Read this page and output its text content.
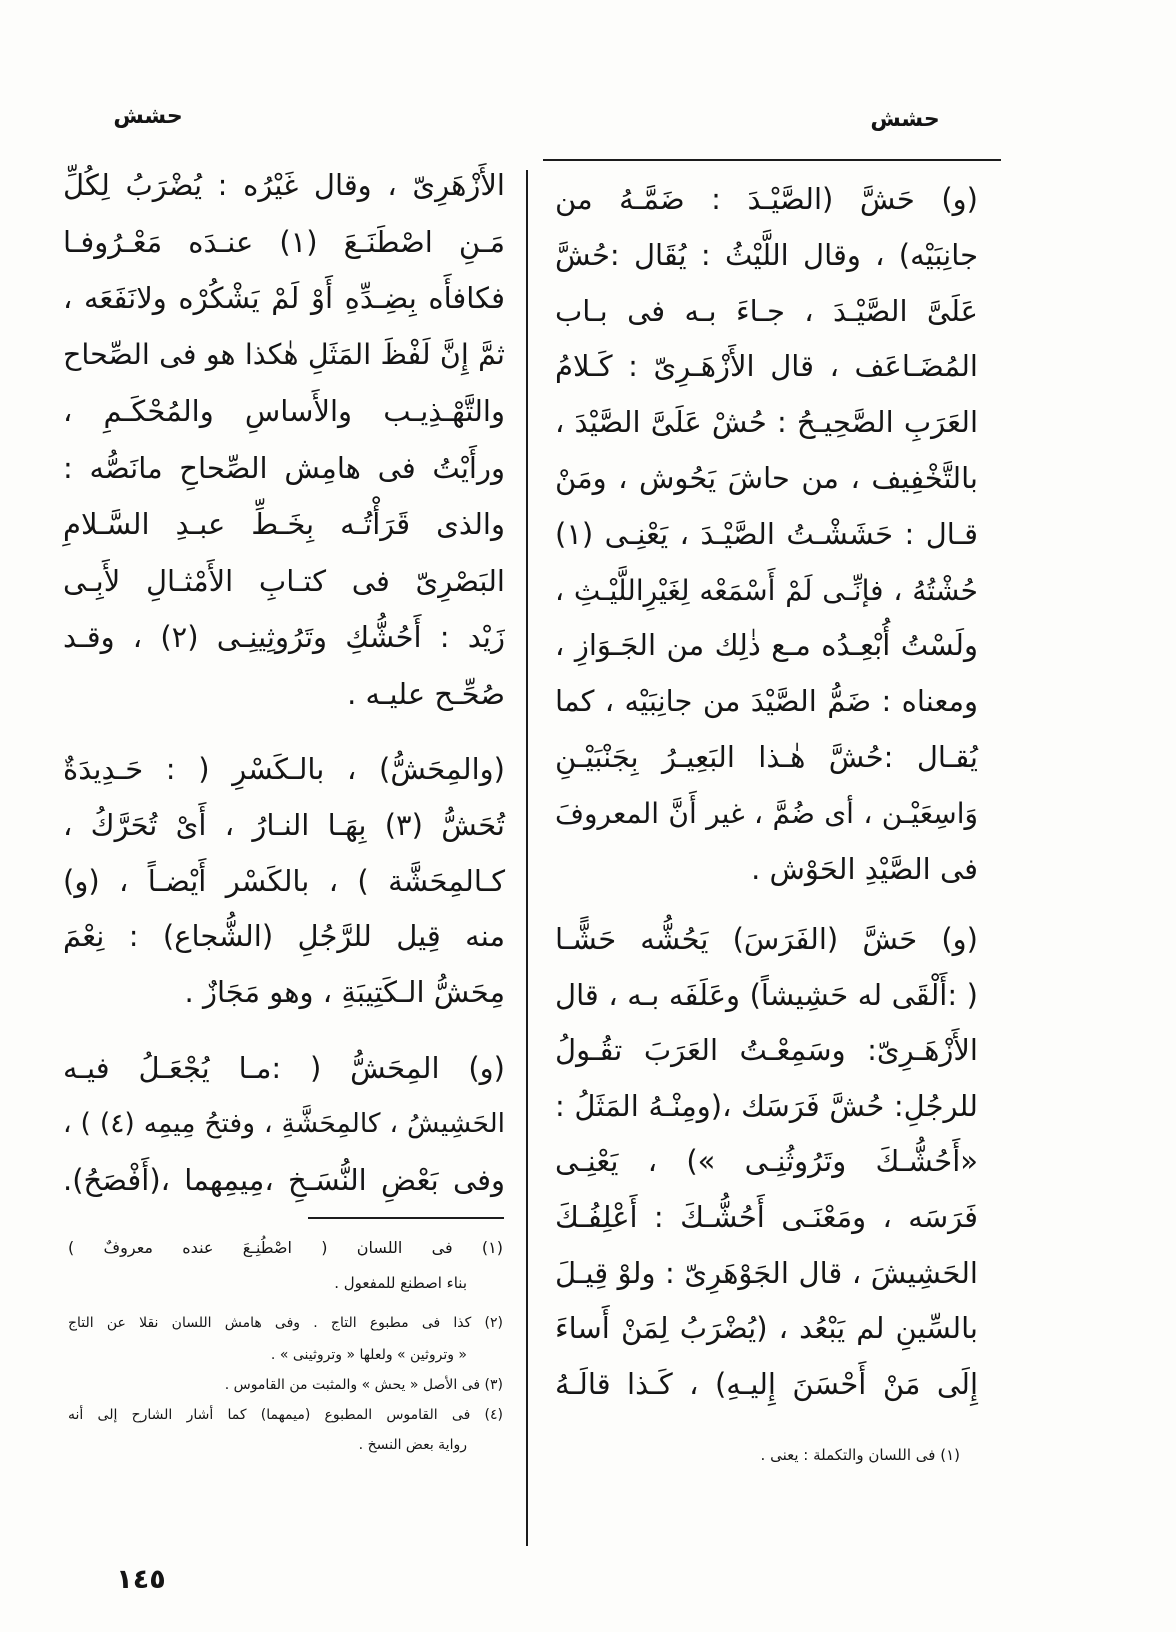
حشش
حشش
(و) حَشَّ (الصَّيْـدَ : ضَمَّـهُ من
جانِبَيْه) ، وقال اللَّيْثُ : يُقَال :حُشَّ
عَلَىَّ الصَّيْـدَ ، جـاءَ بـه فى بـاب
المُضَـاعَف ، قال الأَزْهَـرِىّ : كَـلامُ
العَرَبِ الصَّحِيـحُ : حُشْ عَلَىَّ الصَّيْدَ ،
بالتَّخْفِيف ، من حاشَ يَحُوش ، ومَنْ
قـال : حَشَشْـتُ الصَّيْـدَ ، يَعْنِـى (١)
حُشْتُهُ ، فإنِّـى لَمْ أَسْمَعْه لِغَيْرِاللَّيْـثِ ،
ولَسْتُ أُبْعِـدُه مـع ذٰلِك من الجَـوَازِ ،
ومعناه : ضَمُّ الصَّيْدَ من جانِبَيْه ، كما
يُقـال :حُشَّ هٰـذا البَعِيـرُ بِجَنْبَيْـنِ
وَاسِعَيْـن ، أى ضُمَّ ، غير أَنَّ المعروفَ
فى الصَّيْدِ الحَوْش .
(و) حَشَّ (الفَرَسَ) يَحُشُّه حَشًّـا
( :أَلْقَى له حَشِيشاً) وعَلَفَه بـه ، قال
الأَزْهَـرِىّ: وسَمِعْـتُ العَرَبَ تقُـولُ
للرجُلِ: حُشَّ فَرَسَك ،(ومِنْـهُ المَثَلُ :
«أَحُشُّـكَ وتَرُوثُنِـى ») ، يَعْنِـى
فَرَسَه ، ومَعْنَـى أَحُشُّـكَ : أَعْلِفُـكَ
الحَشِيشَ ، قال الجَوْهَرِىّ : ولوْ قِيـلَ
بالسِّينِ لم يَبْعُد ، (يُضْرَبُ لِمَنْ أَساءَ
إِلَى مَنْ أَحْسَنَ إِليـهِ) ، كَـذا قالَـهُ
(١) فى اللسان والتكملة : يعنى .
الأَزْهَرِىّ ، وقال غَيْرُه : يُضْرَبُ لِكُلِّ
مَـنِ اصْطَنَـعَ (١) عنـدَه مَعْـرُوفـا
فكافأَه بِضِـدِّهِ أَوْ لَمْ يَشْكُرْه ولانَفَعَه ،
ثمَّ إِنَّ لَفْظَ المَثَلِ هٰكذا هو فى الصِّحاح
والتَّهْـذِيـب والأَساسِ والمُحْكَـمِ ،
ورأَيْتُ فى هامِش الصِّحاحِ مانَصُّه :
والذى قَرَأْتُـه بِخَـطِّ عبـدِ السَّـلامِ
البَصْرِىّ فى كتـابِ الأَمْثـالِ لأَبِـى
زَيْد : أَحُشُّكِ وتَرُوثِينِـى (٢) ، وقـد
صُحِّـح عليـه .
(والمِحَشُّ) ، بالـكَسْرِ ( : حَـدِيدَةٌ
تُحَشُّ (٣) بِهَـا النـارُ ، أَىْ تُحَرَّكُ ،
كـالمِحَشَّة ) ، بالكَسْر أَيْضـاً ، (و)
منه قِيل للرَّجُلِ (الشُّجاع) : نِعْمَ
مِحَشُّ الـكَتِيبَةِ ، وهو مَجَازٌ .
(و) المِحَشُّ ( :مـا يُجْعَـلُ فيـه
الحَشِيشُ ، كالمِحَشَّةِ ، وفتحُ مِيمِه (٤) ) ،
وفى بَعْضِ النُّسَـخِ ،مِيمِهما ،(أَفْصَحُ).
(١) فى اللسان ( اصْطُنِـعَ عنده معروفٌ )
بناء اصطنع للمفعول .
(٢) كذا فى مطبوع التاج . وفى هامش اللسان نقلا عن التاج
« وتروثين » ولعلها « وتروثينى » .
(٣) فى الأصل « يحش » والمثبت من القاموس .
(٤) فى القاموس المطبوع (ميمهما) كما أشار الشارح إلى أنه
رواية بعض النسخ .
١٤٥
